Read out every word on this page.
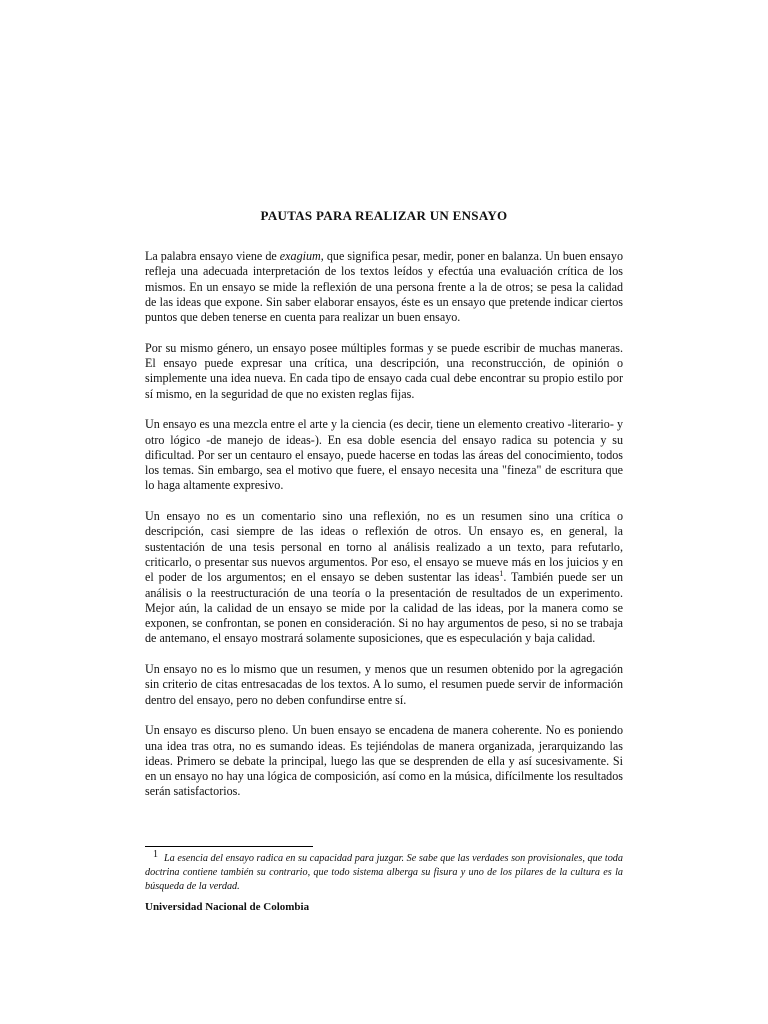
PAUTAS PARA REALIZAR UN ENSAYO

La palabra ensayo viene de exagium, que significa pesar, medir, poner en balanza. Un buen ensayo refleja una adecuada interpretación de los textos leídos y efectúa una evaluación crítica de los mismos. En un ensayo se mide la reflexión de una persona frente a la de otros; se pesa la calidad de las ideas que expone. Sin saber elaborar ensayos, éste es un ensayo que pretende indicar ciertos puntos que deben tenerse en cuenta para realizar un buen ensayo.

Por su mismo género, un ensayo posee múltiples formas y se puede escribir de muchas maneras. El ensayo puede expresar una crítica, una descripción, una reconstrucción, de opinión o simplemente una idea nueva. En cada tipo de ensayo cada cual debe encontrar su propio estilo por sí mismo, en la seguridad de que no existen reglas fijas.

Un ensayo es una mezcla entre el arte y la ciencia (es decir, tiene un elemento creativo -literario- y otro lógico -de manejo de ideas-). En esa doble esencia del ensayo radica su potencia y su dificultad. Por ser un centauro el ensayo, puede hacerse en todas las áreas del conocimiento, todos los temas. Sin embargo, sea el motivo que fuere, el ensayo necesita una "fineza" de escritura que lo haga altamente expresivo.

Un ensayo no es un comentario sino una reflexión, no es un resumen sino una crítica o descripción, casi siempre de las ideas o reflexión de otros. Un ensayo es, en general, la sustentación de una tesis personal en torno al análisis realizado a un texto, para refutarlo, criticarlo, o presentar sus nuevos argumentos. Por eso, el ensayo se mueve más en los juicios y en el poder de los argumentos; en el ensayo se deben sustentar las ideas$^1$. También puede ser un análisis o la reestructuración de una teoría o la presentación de resultados de un experimento. Mejor aún, la calidad de un ensayo se mide por la calidad de las ideas, por la manera como se exponen, se confrontan, se ponen en consideración. Si no hay argumentos de peso, si no se trabaja de antemano, el ensayo mostrará solamente suposiciones, que es especulación y baja calidad.

Un ensayo no es lo mismo que un resumen, y menos que un resumen obtenido por la agregación sin criterio de citas entresacadas de los textos. A lo sumo, el resumen puede servir de información dentro del ensayo, pero no deben confundirse entre sí.

Un ensayo es discurso pleno. Un buen ensayo se encadena de manera coherente. No es poniendo una idea tras otra, no es sumando ideas. Es tejiéndolas de manera organizada, jerarquizando las ideas. Primero se debate la principal, luego las que se desprenden de ella y así sucesivamente. Si en un ensayo no hay una lógica de composición, así como en la música, difícilmente los resultados serán satisfactorios.

1 La esencia del ensayo radica en su capacidad para juzgar. Se sabe que las verdades son provisionales, que toda doctrina contiene también su contrario, que todo sistema alberga su fisura y uno de los pilares de la cultura es la búsqueda de la verdad.
Universidad Nacional de Colombia
